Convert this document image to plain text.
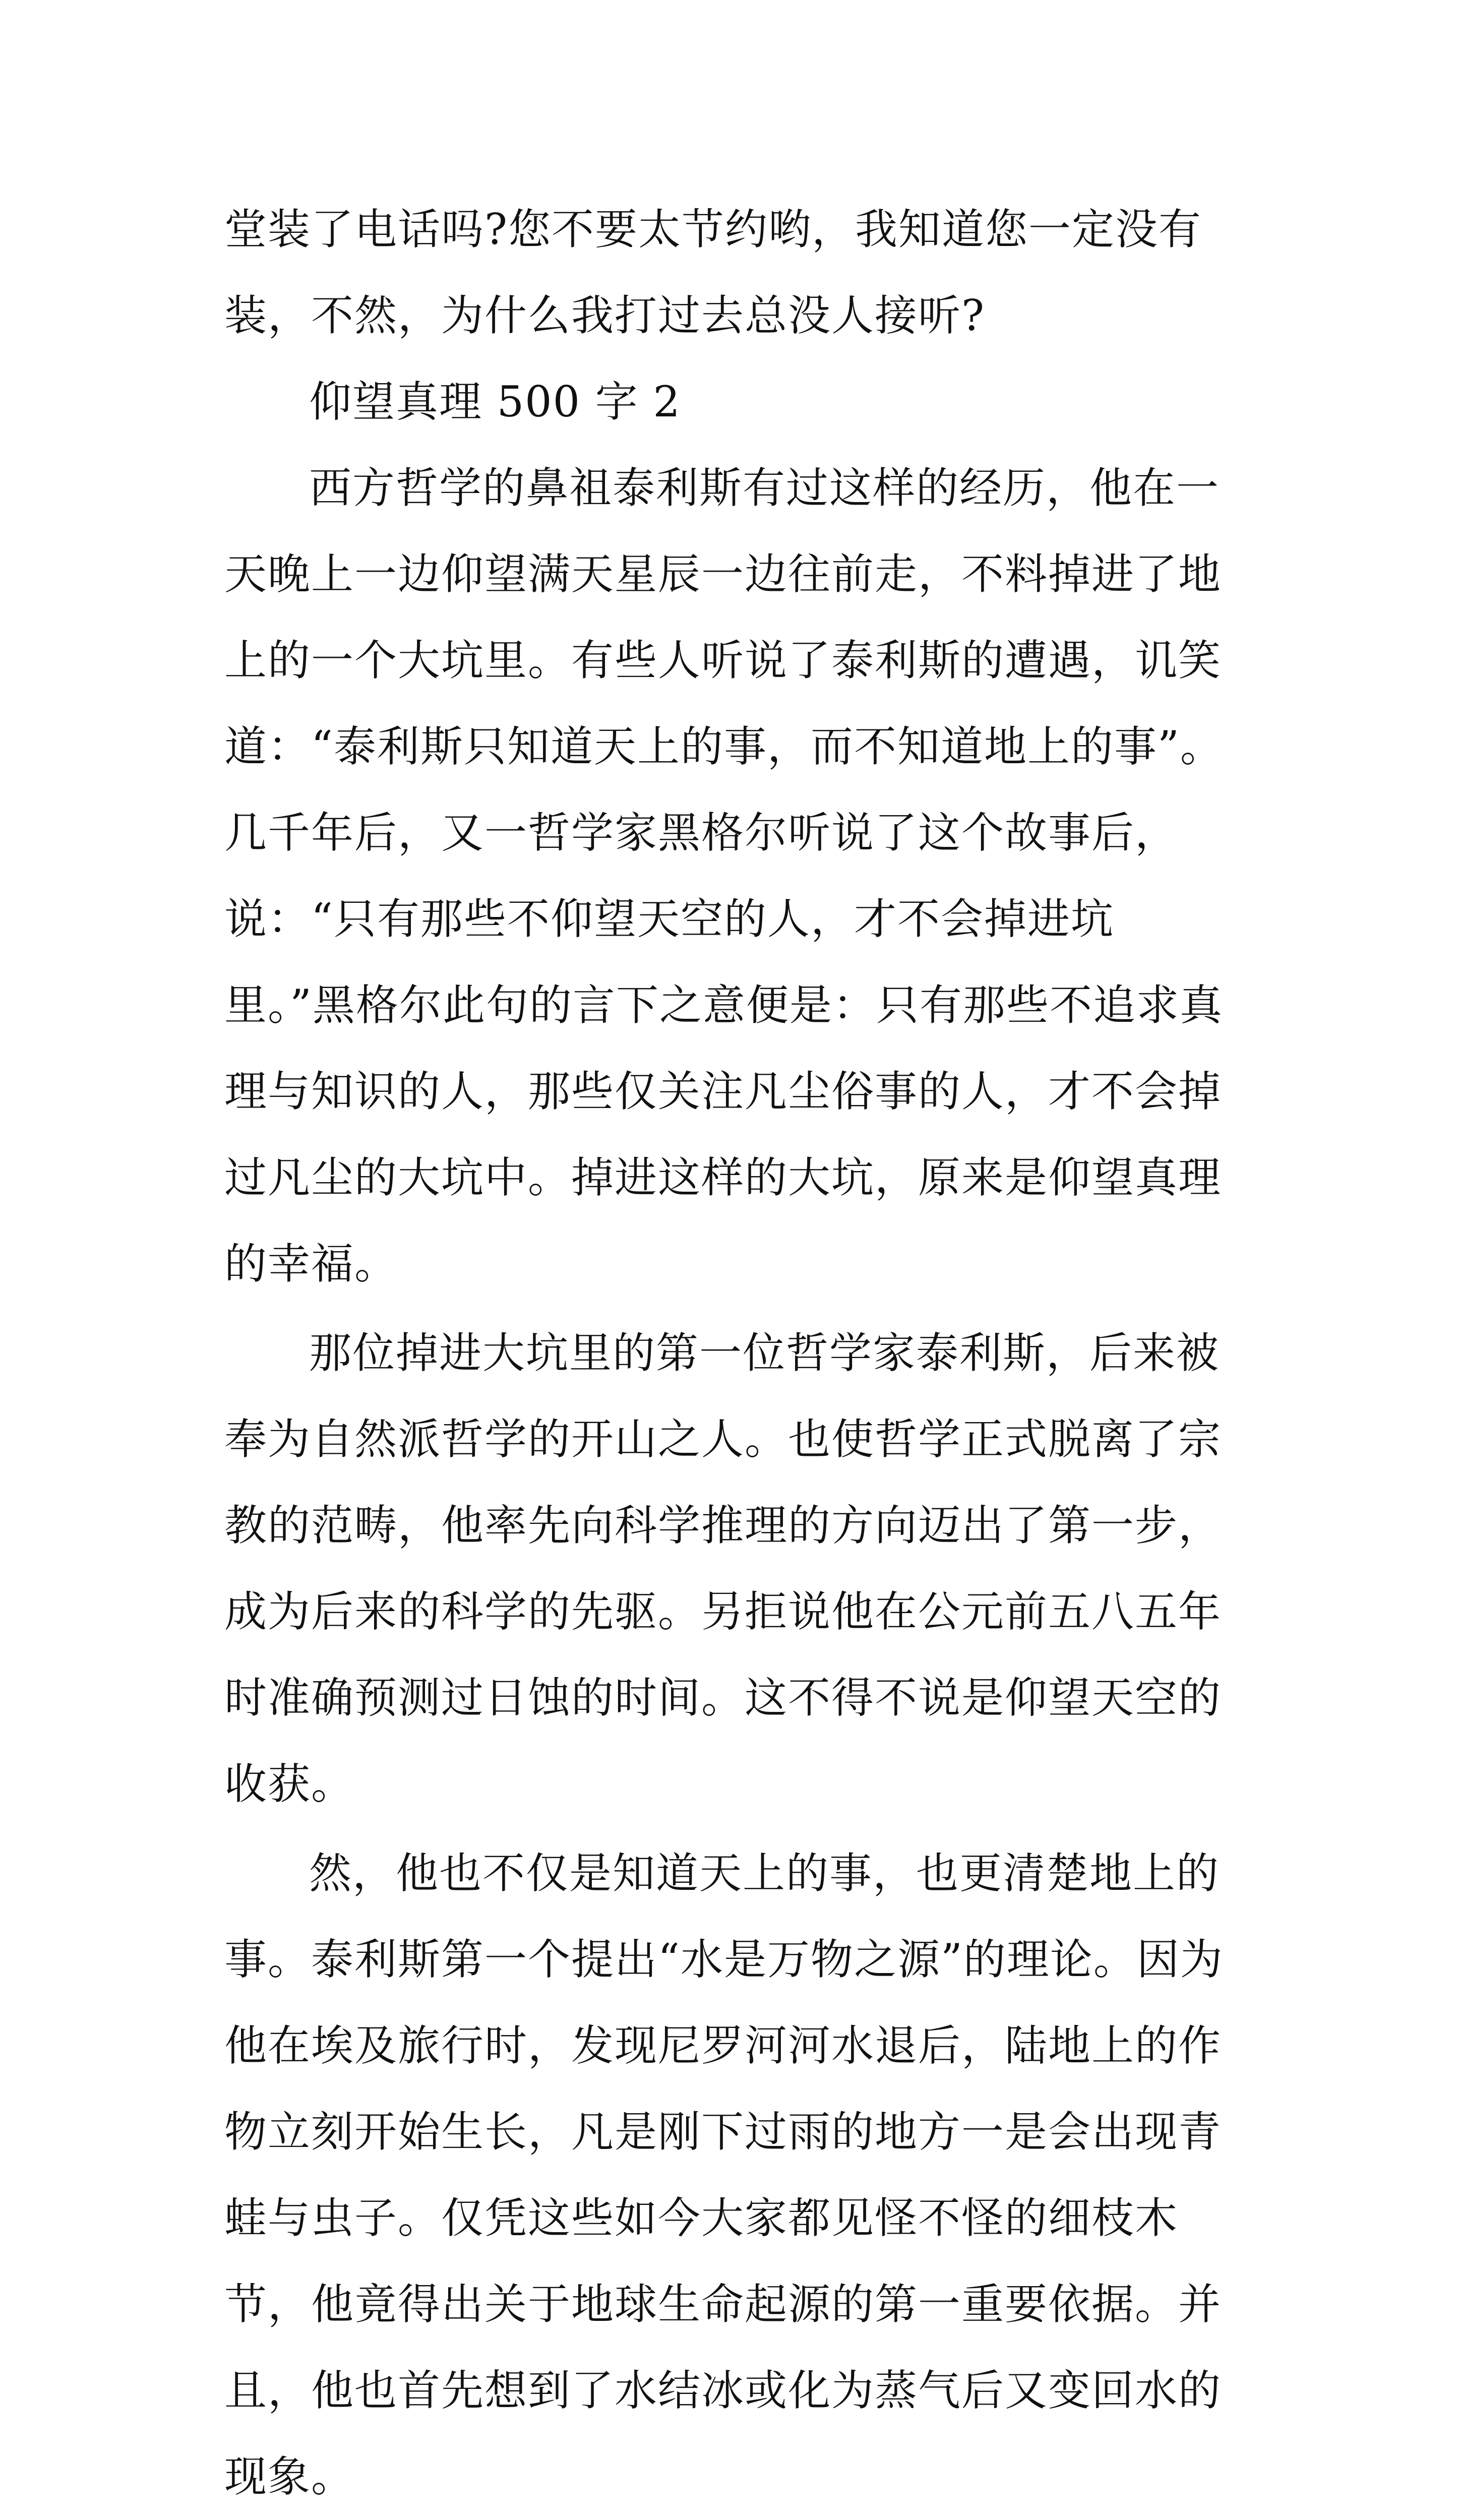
堂装了电话吗?您不要太节约哟，我知道您一定没有装，不然，为什么我打过去总没人接听?

仰望真理 500 字 2

西方哲学的鼻祖泰利斯有过这样的经历，他在一天晚上一边仰望满天星辰一边往前走，不料掉进了地上的一个大坑里。有些人听说了泰利斯的遭遇，讥笑道：“泰利斯只知道天上的事，而不知道地上的事”。几千年后，又一哲学家黑格尔听说了这个故事后，说：“只有那些不仰望天空的人，才不会掉进坑里。”黑格尔此句的言下之意便是：只有那些不追求真理与知识的人，那些仅关注凡尘俗事的人，才不会掉过凡尘的大坑中。掉进这样的大坑，原来是仰望真理的幸福。

那位掉进大坑里的第一位哲学家泰利斯，后来被奉为自然派哲学的开山之人。也使哲学正式脱离了宗教的范畴，他率先向科学推理的方向迈出了第一步，成为后来的科学的先驱。另拒说他在公元前五八五年时准确预测过日蚀的时间。这不得不说是仰望天空的收获。

然，他也不仅是知道天上的事，也更清楚地上的事。泰利斯第一个提出“水是万物之源”的理论。因为他在埃及旅行时，发现尼罗河河水退后，陆地上的作物立刻开始生长，凡是刚下过雨的地方一是会出现青蛙与虫子。仅凭这些如今大家都见怪不怪的细枝木节，他竟得出关于地球生命起源的第一重要依据。并且，他也首先想到了水结冰或化为蒸气后又变回水的现象。
